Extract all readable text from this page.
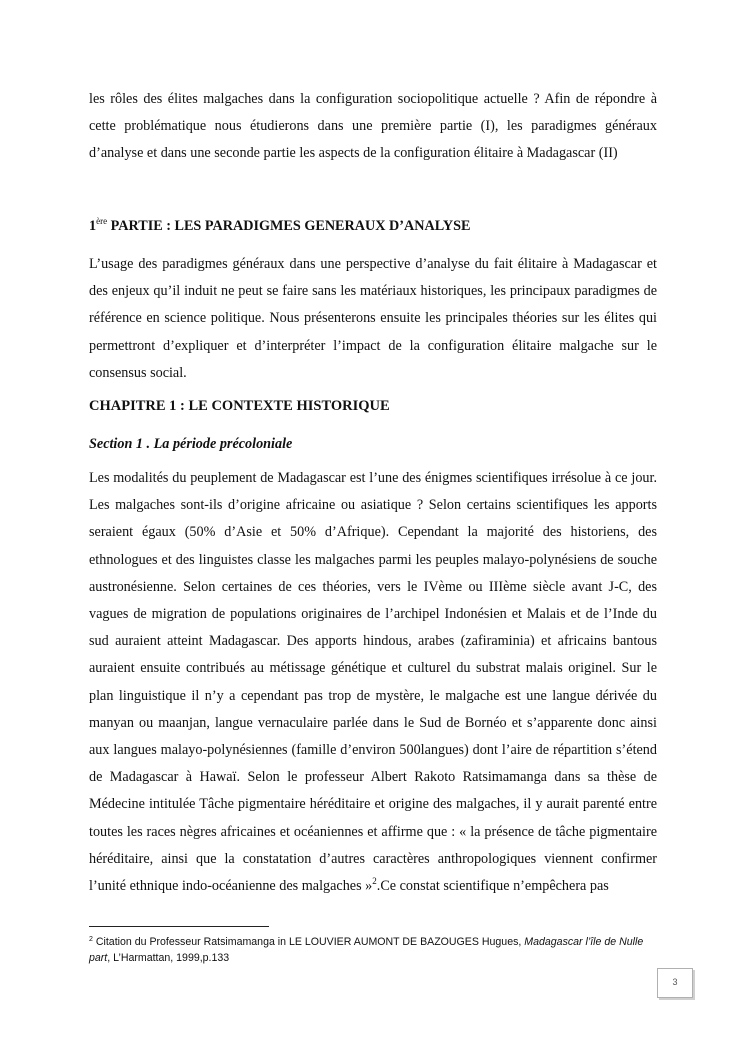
les rôles des élites malgaches dans la configuration sociopolitique actuelle ? Afin de répondre à cette problématique nous étudierons dans une première partie (I), les paradigmes généraux d’analyse et dans une seconde partie les aspects de la configuration élitaire à Madagascar (II)

1ère PARTIE : LES PARADIGMES GENERAUX D’ANALYSE

L’usage des paradigmes généraux dans une perspective d’analyse du fait élitaire à Madagascar et des enjeux qu’il induit ne peut se faire sans les matériaux historiques, les principaux paradigmes de référence en science politique. Nous présenterons ensuite les principales théories sur les élites qui permettront d’expliquer et d’interpréter l’impact de la configuration élitaire malgache sur le consensus social.

CHAPITRE 1 : LE CONTEXTE HISTORIQUE
Section 1 . La période précoloniale

Les modalités du peuplement de Madagascar est l’une des énigmes scientifiques irrésolue à ce jour. Les malgaches sont-ils d’origine africaine ou asiatique ? Selon certains scientifiques les apports seraient égaux (50% d’Asie et 50% d’Afrique). Cependant la majorité des historiens, des ethnologues et des linguistes classe les malgaches parmi les peuples malayo-polynésiens de souche austronésienne. Selon certaines de ces théories, vers le IVème ou IIIème siècle avant J-C, des vagues de migration de populations originaires de l’archipel Indonésien et Malais et de l’Inde du sud auraient atteint Madagascar. Des apports hindous, arabes (zafiraminia) et africains bantous auraient ensuite contribués au métissage génétique et culturel du substrat malais originel. Sur le plan linguistique il n’y a cependant pas trop de mystère, le malgache est une langue dérivée du manyan ou maanjan, langue vernaculaire parlée dans le Sud de Bornéo et s’apparente donc ainsi aux langues malayo-polynésiennes (famille d’environ 500langues) dont l’aire de répartition s’étend de Madagascar à Hawaï. Selon le professeur Albert Rakoto Ratsimamanga dans sa thèse de Médecine intitulée Tâche pigmentaire héréditaire et origine des malgaches, il y aurait parenté entre toutes les races nègres africaines et océaniennes et affirme que : « la présence de tâche pigmentaire héréditaire, ainsi que la constatation d’autres caractères anthropologiques viennent confirmer l’unité ethnique indo-océanienne des malgaches »$^2$.Ce constat scientifique n’empêchera pas

$^2$ Citation du Professeur Ratsimamanga in LE LOUVIER AUMONT DE BAZOUGES Hugues, Madagascar l’île de Nulle part, L’Harmattan, 1999,p.133
3
